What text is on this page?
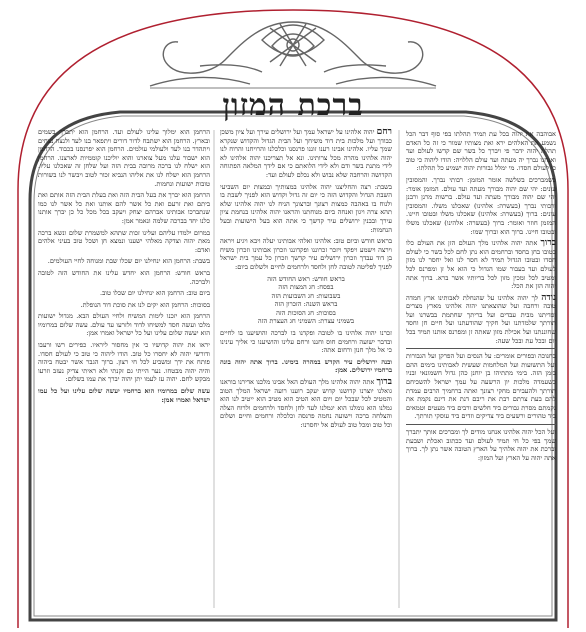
ברכת המזון

אבוהבה את יהוה בכל עת תמיד תהלתו בפי סוף דבר הכל נשמע את האלהים ירא ואת מצותיו שמור כי זה כל האדם תהלת יהוה ידבר פי ויברך כל בשר שם קדשו לעולם ועד ואנחנו נברך יה מעתה ועד עולם הללויה: הודו ליהוה כי טוב כי לעולם חסדו. מי ימלל גבורות יהוה ישמיע כל תהלתו:

כשמברכים בשלשה אומר המזמן: רבותי נברך. והמסובין עונים: יהי שם יהוה מבורך מעתה ועד עולם. המזמן אומר: יהי שם יהוה מבורך מעתה ועד עולם. ברשות מרנן ורבנן ורבותי נברך (בעשרה: אלהינו) שאכלנו משלו. והמסובין עונים: ברוך (בעשרה: אלהינו) שאכלנו משלו ובטובו חיינו. המזמן חוזר ואומר: ברוך (בעשרה: אלהינו) שאכלנו משלו ובטובו חיינו. ברוך הוא וברוך שמו:

ברוך אתה יהוה אלהינו מלך העולם הזן את העולם כלו בטובו בחן בחסד וברחמים הוא נתן לחם לכל בשר כי לעולם חסדו ובטובו הגדול תמיד לא חסר לנו ואל יחסר לנו מזון לעולם ועד בעבור שמו הגדול כי הוא אל זן ומפרנס לכל ומטיב לכל ומכין מזון לכל בריותיו אשר ברא. ברוך אתה יהוה הזן את הכל:

נודה לך יהוה אלהינו על שהנחלת לאבותינו ארץ חמדה טובה ורחבה ועל שהוצאתנו יהוה אלהינו מארץ מצרים ופדיתנו מבית עבדים ועל בריתך שחתמת בבשרנו ועל תורתך שלמדתנו ועל חקיך שהודעתנו ועל חיים חן וחסד שחוננתנו ועל אכילת מזון שאתה זן ומפרנס אותנו תמיד בכל יום ובכל עת ובכל שעה:

בחנוכה ובפורים אומרים: על הנסים ועל הפרקן ועל הגבורות ועל התשועות ועל המלחמות שעשית לאבותינו בימים ההם בזמן הזה. בימי מתתיהו בן יוחנן כהן גדול חשמונאי ובניו כשעמדה מלכות יון הרשעה על עמך ישראל להשכיחם תורתך ולהעבירם מחקי רצונך ואתה ברחמיך הרבים עמדת להם בעת צרתם רבת את ריבם דנת את דינם נקמת את נקמתם מסרת גבורים ביד חלשים ורבים ביד מעטים וטמאים ביד טהורים ורשעים ביד צדיקים וזדים ביד עוסקי תורתך.

ועל הכל יהוה אלהינו אנחנו מודים לך ומברכים אותך יתברך שמך בפי כל חי תמיד לעולם ועד ככתוב ואכלת ושבעת וברכת את יהוה אלהיך על הארץ הטובה אשר נתן לך. ברוך אתה יהוה על הארץ ועל המזון:

רחם יהוה אלהינו על ישראל עמך ועל ירושלים עירך ועל ציון משכן כבודך ועל מלכות בית דוד משיחך ועל הבית הגדול והקדוש שנקרא שמך עליו. אלהינו אבינו רענו זוננו פרנסנו וכלכלנו והרויחנו והרוח לנו יהוה אלהינו מהרה מכל צרותינו. ונא אל תצריכנו יהוה אלהינו לא לידי מתנת בשר ודם ולא לידי הלואתם כי אם לידך המלאה הפתוחה הקדושה והרחבה שלא נבוש ולא נכלם לעולם ועד:

בשבת: רצה והחליצנו יהוה אלהינו במצותיך ובמצות יום השביעי השבת הגדול והקדוש הזה כי יום זה גדול וקדוש הוא לפניך לשבת בו ולנוח בו באהבה כמצות רצונך וברצונך הניח לנו יהוה אלהינו שלא תהא צרה ויגון ואנחה ביום מנוחתנו והראנו יהוה אלהינו בנחמת ציון עירך ובבנין ירושלים עיר קדשך כי אתה הוא בעל הישועות ובעל הנחמות:

בראש חודש וביום טוב: אלהינו ואלהי אבותינו יעלה ויבא ויגיע ויראה וירצה וישמע ויפקד ויזכר זכרוננו ופקדוננו וזכרון אבותינו וזכרון משיח בן דוד עבדך וזכרון ירושלים עיר קדשך וזכרון כל עמך בית ישראל לפניך לפליטה לטובה לחן ולחסד ולרחמים לחיים ולשלום ביום:

בראש חודש: ראש החודש הזה
בפסח: חג המצות הזה
בשבועות: חג השבועות הזה
בראש השנה: הזכרון הזה
בסוכות: חג הסוכות הזה
בשמיני עצרת: השמיני חג העצרת הזה

זכרנו יהוה אלהינו בו לטובה ופקדנו בו לברכה והושיענו בו לחיים ובדבר ישועה ורחמים חוס וחננו ורחם עלינו והושיענו כי אליך עינינו כי אל מלך חנון ורחום אתה:

ובנה ירושלים עיר הקדש במהרה בימינו. ברוך אתה יהוה בונה ברחמיו ירושלים. אמן:

ברוך אתה יהוה אלהינו מלך העולם האל אבינו מלכנו אדירנו בוראנו גואלנו יוצרנו קדושנו קדוש יעקב רוענו רועה ישראל המלך הטוב והמטיב לכל שבכל יום ויום הוא הטיב הוא מטיב הוא ייטיב לנו הוא גמלנו הוא גומלנו הוא יגמלנו לעד לחן ולחסד ולרחמים ולרוח הצלה והצלחה ברכה וישועה נחמה פרנסה וכלכלה ורחמים וחיים ושלום וכל טוב ומכל טוב לעולם אל יחסרנו:

הרחמן הוא ימלוך עלינו לעולם ועד. הרחמן הוא יתברך בשמים ובארץ. הרחמן הוא ישתבח לדור דורים ויתפאר בנו לעד ולנצח נצחים ויתהדר בנו לעד ולעולמי עולמים. הרחמן הוא יפרנסנו בכבוד. הרחמן הוא ישבור עלנו מעל צוארנו והוא יוליכנו קוממיות לארצנו. הרחמן הוא ישלח לנו ברכה מרובה בבית הזה ועל שלחן זה שאכלנו עליו. הרחמן הוא ישלח לנו את אליהו הנביא זכור לטוב ויבשר לנו בשורות טובות ישועות ונחמות.

הרחמן הוא יברך את בעל הבית הזה ואת בעלת הבית הזה אותם ואת ביתם ואת זרעם ואת כל אשר להם אותנו ואת כל אשר לנו כמו שנתברכו אבותינו אברהם יצחק ויעקב בכל מכל כל כן יברך אותנו כלנו יחד בברכה שלמה ונאמר אמן:

במרום ילמדו עליהם ועלינו זכות שתהא למשמרת שלום ונשא ברכה מאת יהוה וצדקה מאלהי ישענו ונמצא חן ושכל טוב בעיני אלהים ואדם:

בשבת: הרחמן הוא ינחילנו יום שכלו שבת ומנוחה לחיי העולמים.

בראש חודש: הרחמן הוא יחדש עלינו את החודש הזה לטובה ולברכה.

ביום טוב: הרחמן הוא ינחילנו יום שכלו טוב.

בסוכות: הרחמן הוא יקים לנו את סוכת דוד הנופלת.

הרחמן הוא יזכנו לימות המשיח ולחיי העולם הבא. מגדול ישועות מלכו ועשה חסד למשיחו לדוד ולזרעו עד עולם. עשה שלום במרומיו הוא יעשה שלום עלינו ועל כל ישראל ואמרו אמן:

יראו את יהוה קדושיו כי אין מחסור ליראיו. כפירים רשו ורעבו ודורשי יהוה לא יחסרו כל טוב. הודו ליהוה כי טוב כי לעולם חסדו. פותח את ידך ומשביע לכל חי רצון. ברוך הגבר אשר יבטח ביהוה והיה יהוה מבטחו. נער הייתי גם זקנתי ולא ראיתי צדיק נעזב וזרעו מבקש לחם. יהוה עז לעמו יתן יהוה יברך את עמו בשלום:

עשה שלום במרומיו הוא ברחמיו יעשה שלום עלינו ועל כל עמו ישראל ואמרו אמן:
